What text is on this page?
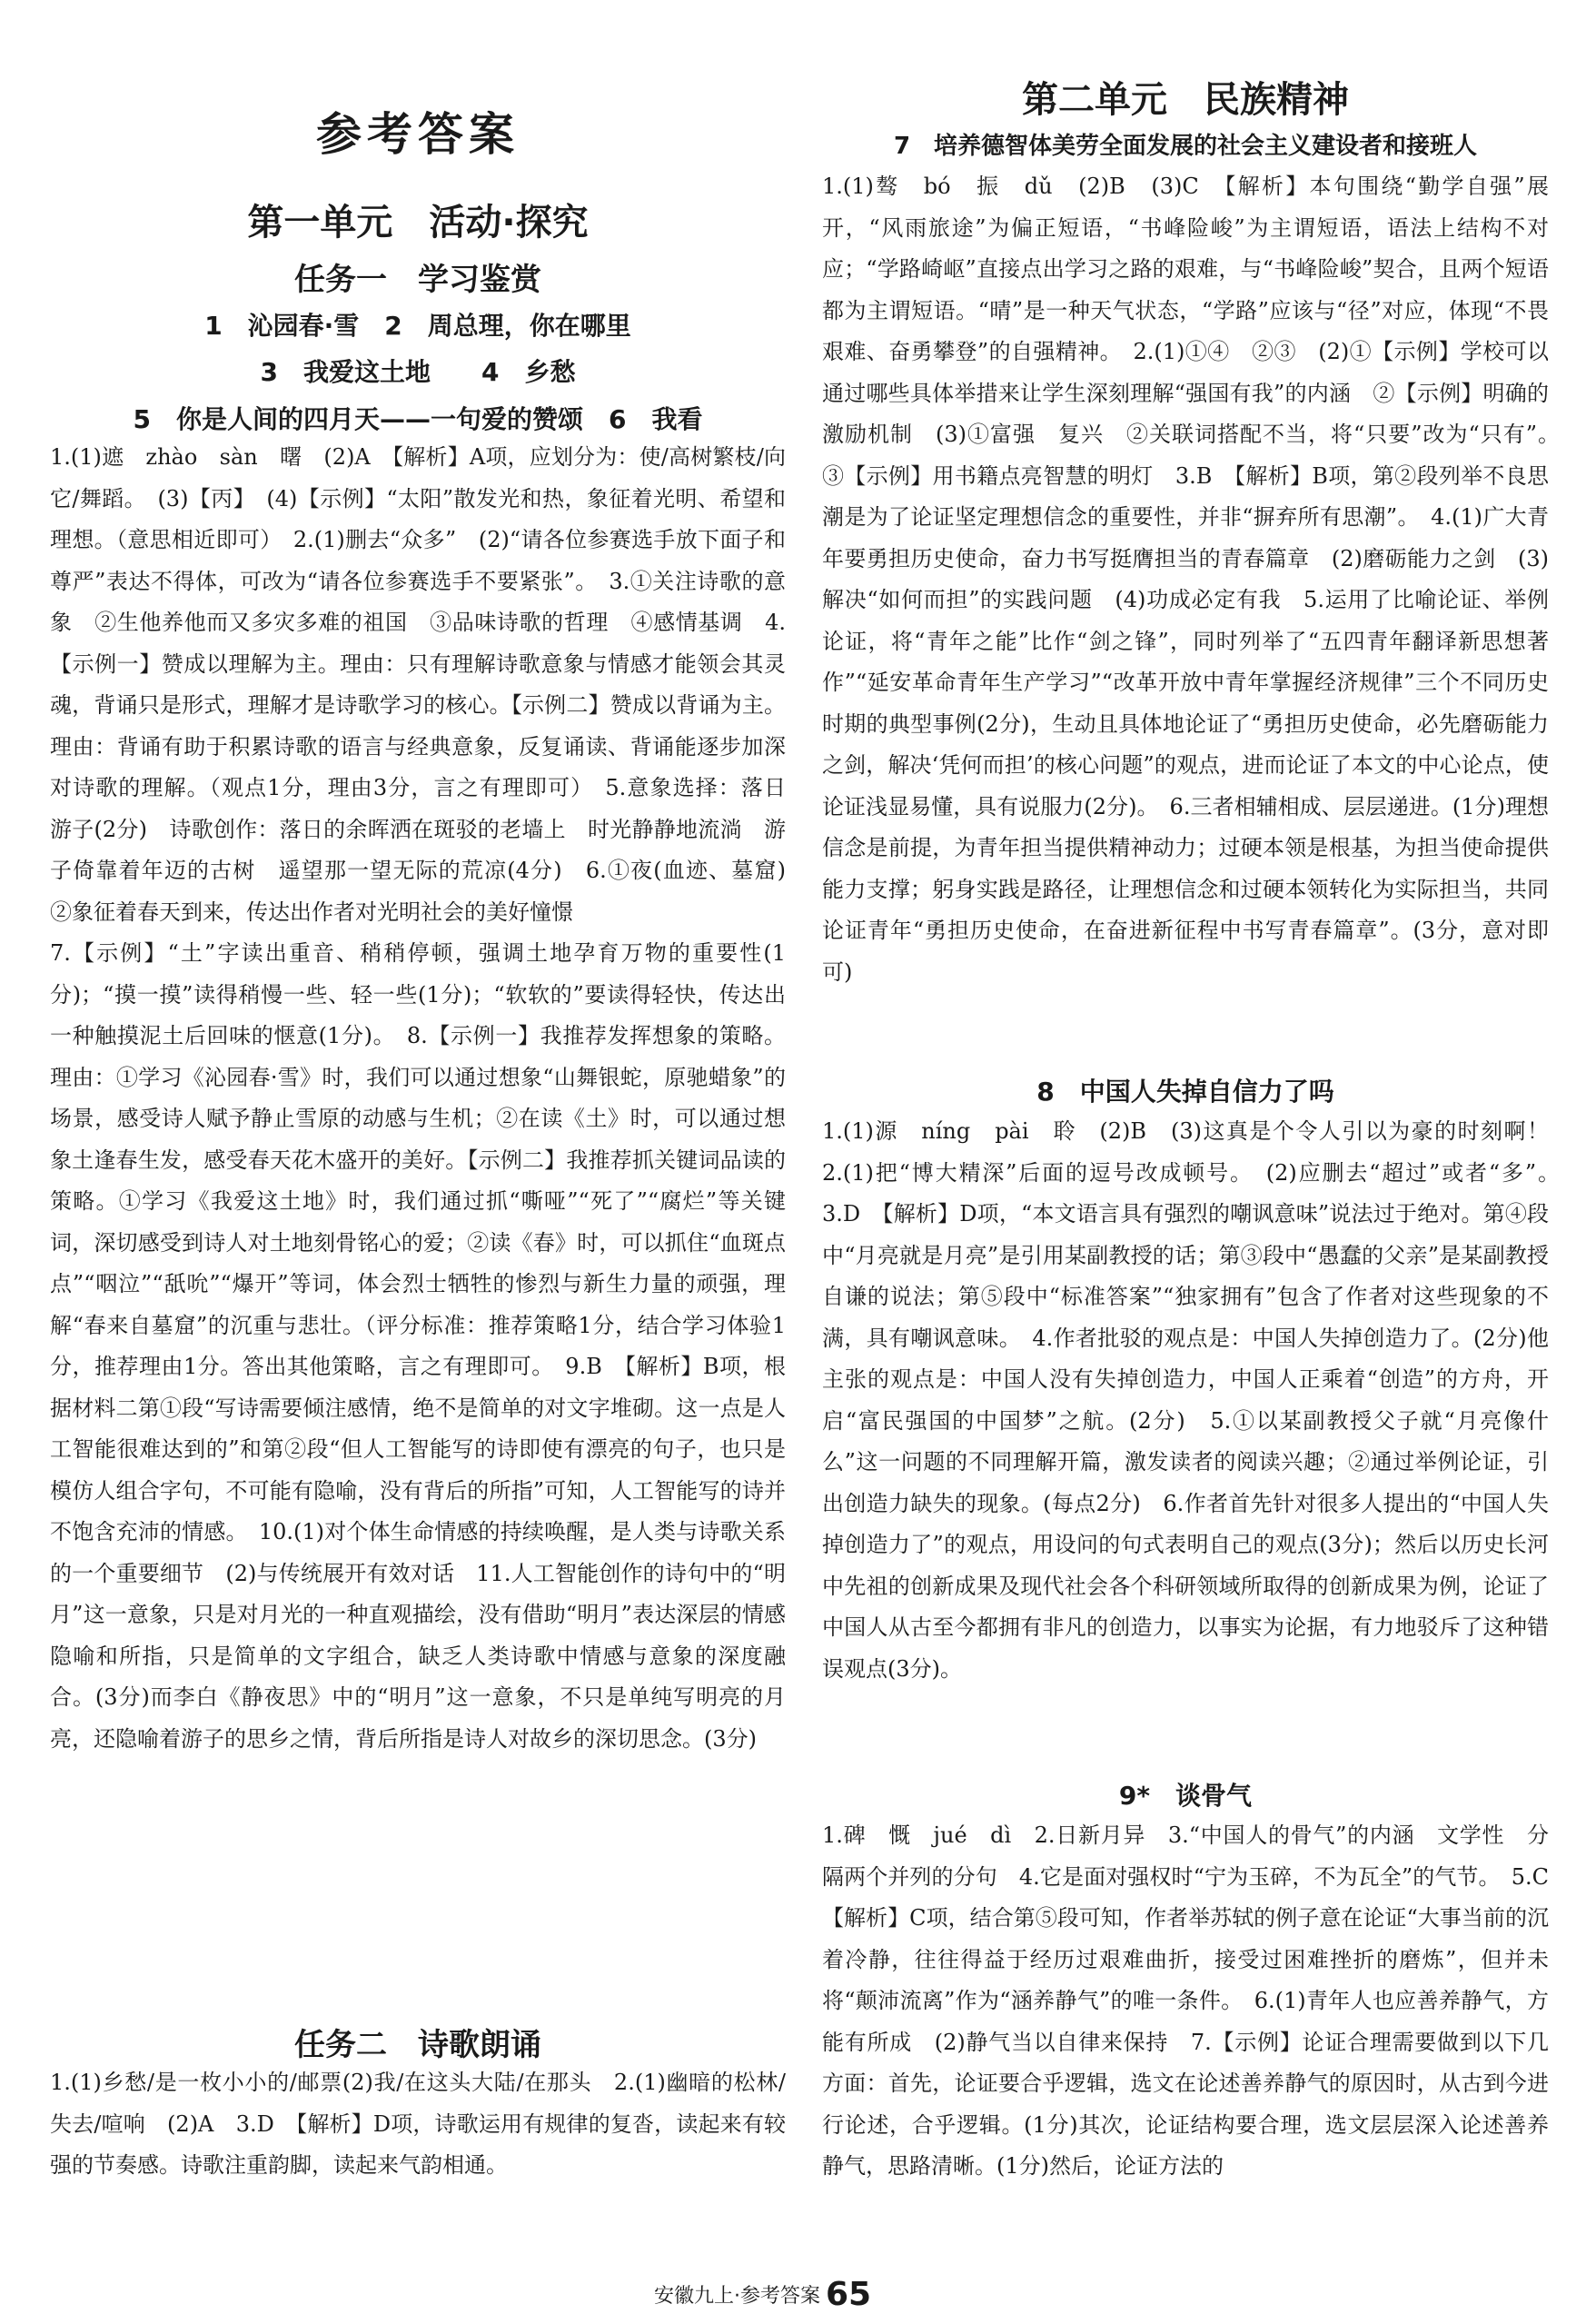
参考答案
第一单元　活动·探究
任务一　学习鉴赏
1　沁园春·雪　2　周总理，你在哪里
3　我爱这土地　　4　乡愁
5　你是人间的四月天——一句爱的赞颂　6　我看

1.(1)遮　zhào　sàn　曙　(2)A　【解析】A项，应划分为：使/高树繁枝/向它/舞蹈。　(3)【丙】　(4)【示例】“太阳”散发光和热，象征着光明、希望和理想。（意思相近即可）　2.(1)删去“众多”　(2)“请各位参赛选手放下面子和尊严”表达不得体，可改为“请各位参赛选手不要紧张”。　3.①关注诗歌的意象　②生他养他而又多灾多难的祖国　③品味诗歌的哲理　④感情基调　4.【示例一】赞成以理解为主。理由：只有理解诗歌意象与情感才能领会其灵魂，背诵只是形式，理解才是诗歌学习的核心。【示例二】赞成以背诵为主。理由：背诵有助于积累诗歌的语言与经典意象，反复诵读、背诵能逐步加深对诗歌的理解。（观点1分，理由3分，言之有理即可）　5.意象选择：落日　游子(2分)　诗歌创作：落日的余晖洒在斑驳的老墙上　时光静静地流淌　游子倚靠着年迈的古树　遥望那一望无际的荒凉(4分)　6.①夜(血迹、墓窟)　②象征着春天到来，传达出作者对光明社会的美好憧憬

7.【示例】“土”字读出重音、稍稍停顿，强调土地孕育万物的重要性(1分)；“摸一摸”读得稍慢一些、轻一些(1分)；“软软的”要读得轻快，传达出一种触摸泥土后回味的惬意(1分)。　8.【示例一】我推荐发挥想象的策略。理由：①学习《沁园春·雪》时，我们可以通过想象“山舞银蛇，原驰蜡象”的场景，感受诗人赋予静止雪原的动感与生机；②在读《土》时，可以通过想象土逢春生发，感受春天花木盛开的美好。【示例二】我推荐抓关键词品读的策略。①学习《我爱这土地》时，我们通过抓“嘶哑”“死了”“腐烂”等关键词，深切感受到诗人对土地刻骨铭心的爱；②读《春》时，可以抓住“血斑点点”“咽泣”“舐吮”“爆开”等词，体会烈士牺牲的惨烈与新生力量的顽强，理解“春来自墓窟”的沉重与悲壮。（评分标准：推荐策略1分，结合学习体验1分，推荐理由1分。答出其他策略，言之有理即可。　9.B　【解析】B项，根据材料二第①段“写诗需要倾注感情，绝不是简单的对文字堆砌。这一点是人工智能很难达到的”和第②段“但人工智能写的诗即使有漂亮的句子，也只是模仿人组合字句，不可能有隐喻，没有背后的所指”可知，人工智能写的诗并不饱含充沛的情感。　10.(1)对个体生命情感的持续唤醒，是人类与诗歌关系的一个重要细节　(2)与传统展开有效对话　11.人工智能创作的诗句中的“明月”这一意象，只是对月光的一种直观描绘，没有借助“明月”表达深层的情感隐喻和所指，只是简单的文字组合，缺乏人类诗歌中情感与意象的深度融合。(3分)而李白《静夜思》中的“明月”这一意象，不只是单纯写明亮的月亮，还隐喻着游子的思乡之情，背后所指是诗人对故乡的深切思念。(3分)

任务二　诗歌朗诵
1.(1)乡愁/是一枚小小的/邮票(2)我/在这头大陆/在那头　2.(1)幽暗的松林/失去/喧响　(2)A　3.D　【解析】D项，诗歌运用有规律的复沓，读起来有较强的节奏感。诗歌注重韵脚，读起来气韵相通。
第二单元　民族精神
7　培养德智体美劳全面发展的社会主义建设者和接班人
1.(1)骜　bó　振　dǔ　(2)B　(3)C　【解析】本句围绕“勤学自强”展开，“风雨旅途”为偏正短语，“书峰险峻”为主谓短语，语法上结构不对应；“学路崎岖”直接点出学习之路的艰难，与“书峰险峻”契合，且两个短语都为主谓短语。“晴”是一种天气状态，“学路”应该与“径”对应，体现“不畏艰难、奋勇攀登”的自强精神。　2.(1)①④　②③　(2)①【示例】学校可以通过哪些具体举措来让学生深刻理解“强国有我”的内涵　②【示例】明确的激励机制　(3)①富强　复兴　②关联词搭配不当，将“只要”改为“只有”。　③【示例】用书籍点亮智慧的明灯　3.B　【解析】B项，第②段列举不良思潮是为了论证坚定理想信念的重要性，并非“摒弃所有思潮”。　4.(1)广大青年要勇担历史使命，奋力书写挺膺担当的青春篇章　(2)磨砺能力之剑　(3)解决“如何而担”的实践问题　(4)功成必定有我　5.运用了比喻论证、举例论证，将“青年之能”比作“剑之锋”，同时列举了“五四青年翻译新思想著作”“延安革命青年生产学习”“改革开放中青年掌握经济规律”三个不同历史时期的典型事例(2分)，生动且具体地论证了“勇担历史使命，必先磨砺能力之剑，解决‘凭何而担’的核心问题”的观点，进而论证了本文的中心论点，使论证浅显易懂，具有说服力(2分)。　6.三者相辅相成、层层递进。(1分)理想信念是前提，为青年担当提供精神动力；过硬本领是根基，为担当使命提供能力支撑；躬身实践是路径，让理想信念和过硬本领转化为实际担当，共同论证青年“勇担历史使命，在奋进新征程中书写青春篇章”。(3分，意对即可)
8　中国人失掉自信力了吗
1.(1)源　níng　pài　聆　(2)B　(3)这真是个令人引以为豪的时刻啊！　2.(1)把“博大精深”后面的逗号改成顿号。　(2)应删去“超过”或者“多”。　3.D　【解析】D项，“本文语言具有强烈的嘲讽意味”说法过于绝对。第④段中“月亮就是月亮”是引用某副教授的话；第③段中“愚蠢的父亲”是某副教授自谦的说法；第⑤段中“标准答案”“独家拥有”包含了作者对这些现象的不满，具有嘲讽意味。　4.作者批驳的观点是：中国人失掉创造力了。(2分)他主张的观点是：中国人没有失掉创造力，中国人正乘着“创造”的方舟，开启“富民强国的中国梦”之航。(2分)　5.①以某副教授父子就“月亮像什么”这一问题的不同理解开篇，激发读者的阅读兴趣；②通过举例论证，引出创造力缺失的现象。(每点2分)　6.作者首先针对很多人提出的“中国人失掉创造力了”的观点，用设问的句式表明自己的观点(3分)；然后以历史长河中先祖的创新成果及现代社会各个科研领域所取得的创新成果为例，论证了中国人从古至今都拥有非凡的创造力，以事实为论据，有力地驳斥了这种错误观点(3分)。
9*　谈骨气
1.碑　慨　jué　dì　2.日新月异　3.“中国人的骨气”的内涵　文学性　分隔两个并列的分句　4.它是面对强权时“宁为玉碎，不为瓦全”的气节。　5.C　【解析】C项，结合第⑤段可知，作者举苏轼的例子意在论证“大事当前的沉着冷静，往往得益于经历过艰难曲折，接受过困难挫折的磨炼”，但并未将“颠沛流离”作为“涵养静气”的唯一条件。　6.(1)青年人也应善养静气，方能有所成　(2)静气当以自律来保持　7.【示例】论证合理需要做到以下几方面：首先，论证要合乎逻辑，选文在论述善养静气的原因时，从古到今进行论述，合乎逻辑。(1分)其次，论证结构要合理，选文层层深入论述善养静气，思路清晰。(1分)然后，论证方法的
安徽九上·参考答案 65
